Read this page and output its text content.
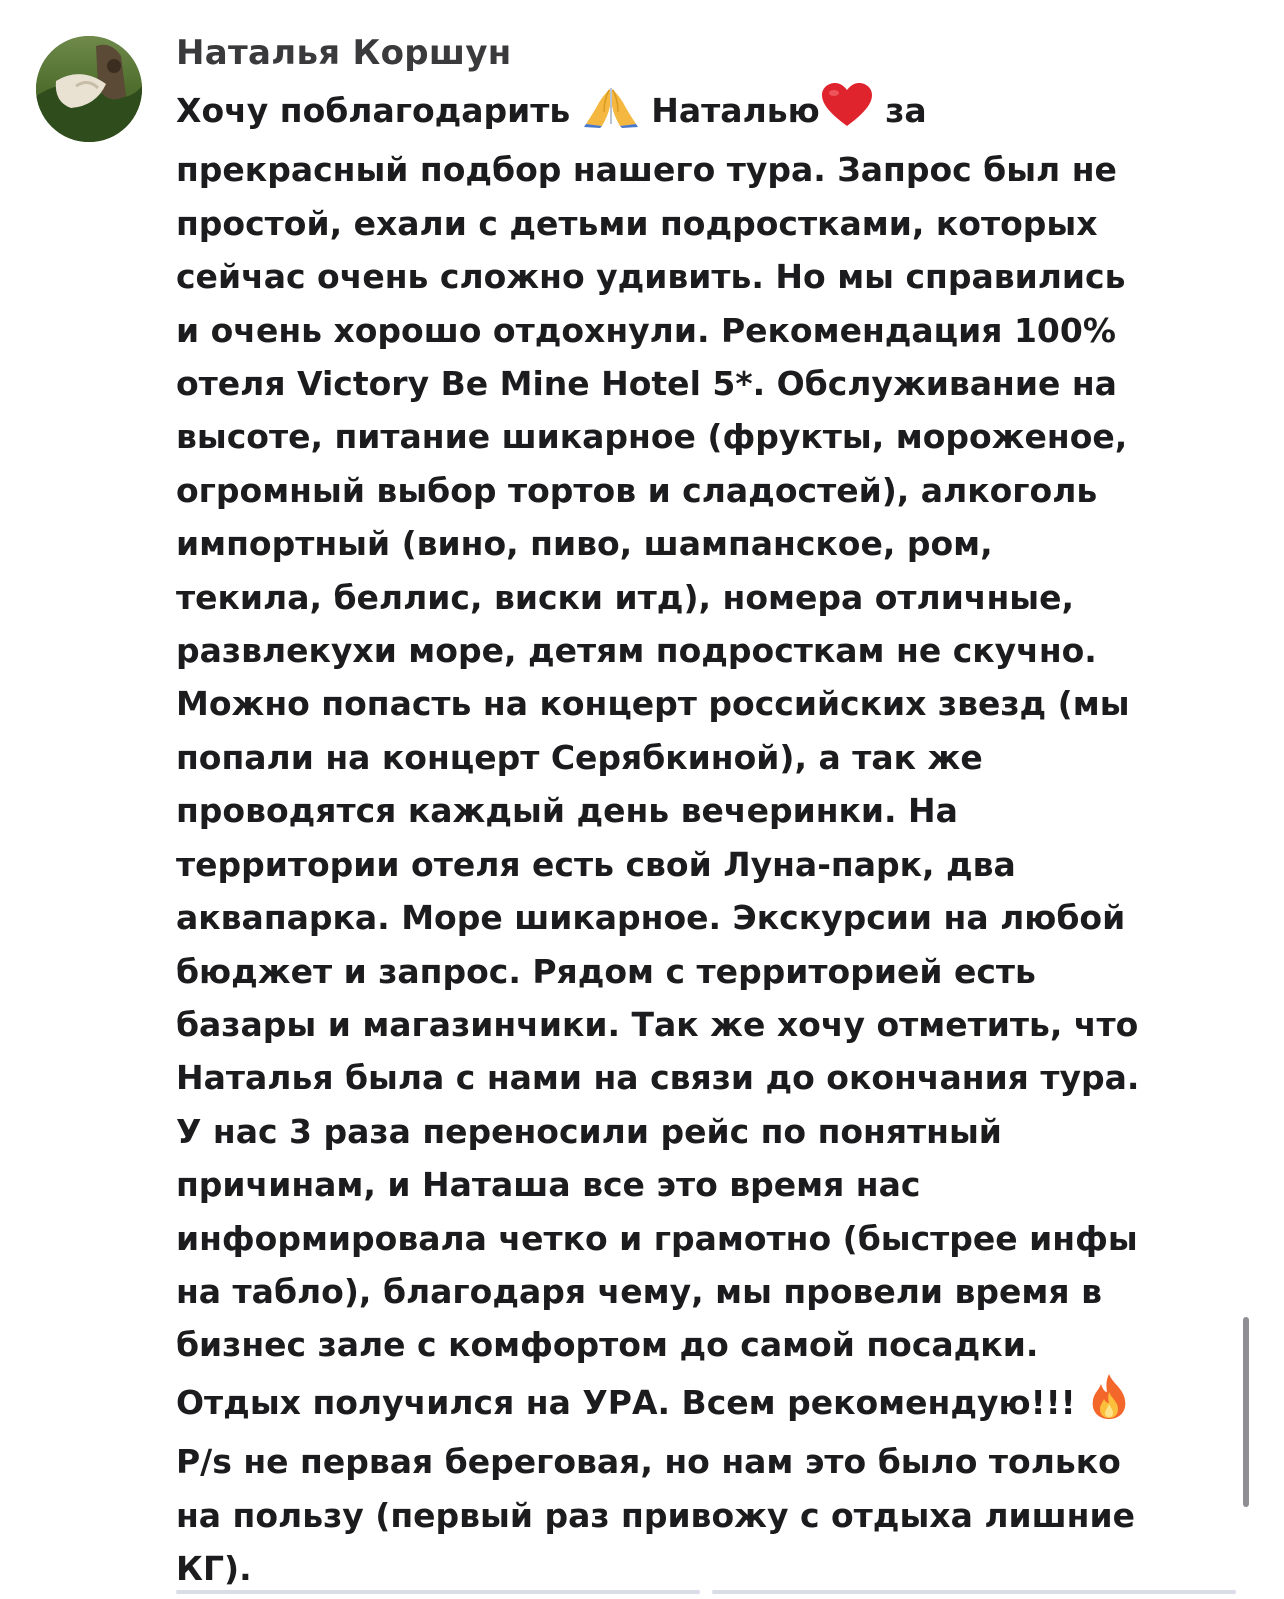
Наталья Коршун
Хочу поблагодарить Наталью за
прекрасный подбор нашего тура. Запрос был не
простой, ехали с детьми подростками, которых
сейчас очень сложно удивить. Но мы справились
и очень хорошо отдохнули. Рекомендация 100%
отеля Victory Be Mine Hotel 5*. Обслуживание на
высоте, питание шикарное (фрукты, мороженое,
огромный выбор тортов и сладостей), алкоголь
импортный (вино, пиво, шампанское, ром,
текила, беллис, виски итд), номера отличные,
развлекухи море, детям подросткам не скучно.
Можно попасть на концерт российских звезд (мы
попали на концерт Серябкиной), а так же
проводятся каждый день вечеринки. На
территории отеля есть свой Луна-парк, два
аквапарка. Море шикарное. Экскурсии на любой
бюджет и запрос. Рядом с территорией есть
базары и магазинчики. Так же хочу отметить, что
Наталья была с нами на связи до окончания тура.
У нас 3 раза переносили рейс по понятный
причинам, и Наташа все это время нас
информировала четко и грамотно (быстрее инфы
на табло), благодаря чему, мы провели время в
бизнес зале с комфортом до самой посадки.
Отдых получился на УРА. Всем рекомендую!!!
P/s не первая береговая, но нам это было только
на пользу (первый раз привожу с отдыха лишние
КГ).
